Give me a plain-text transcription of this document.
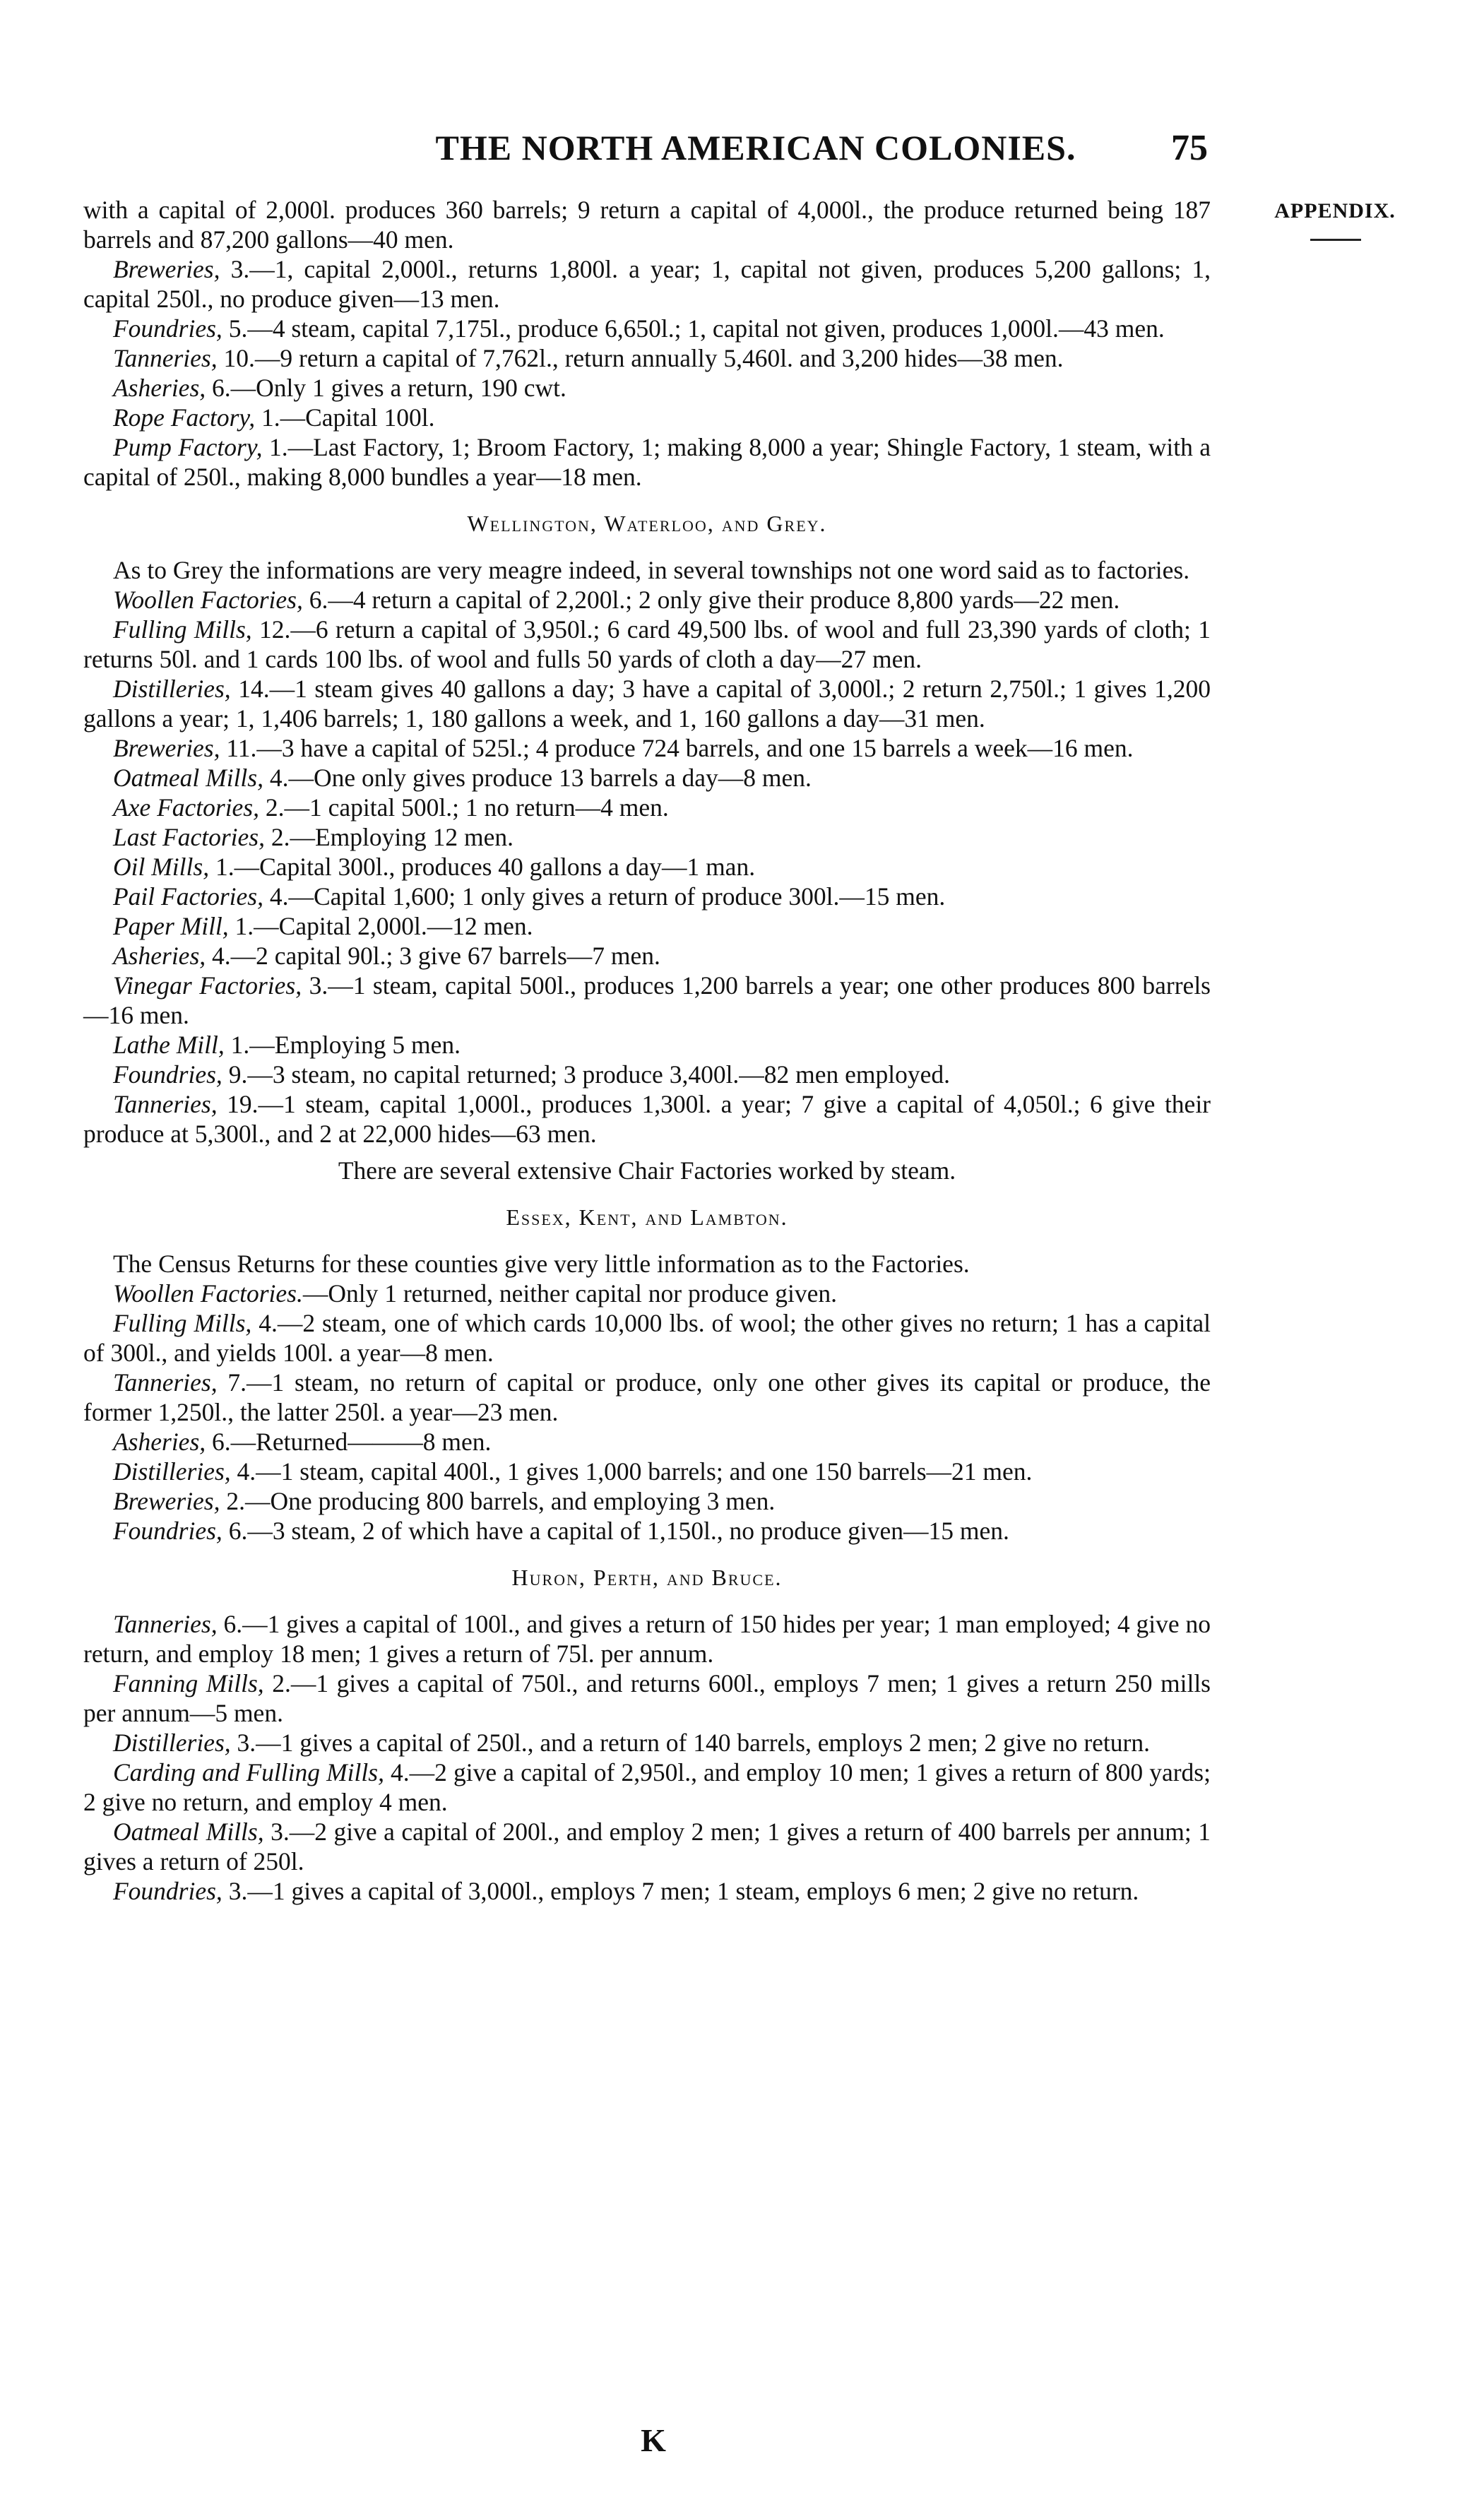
THE NORTH AMERICAN COLONIES.	75
APPENDIX.

with a capital of 2,000l. produces 360 barrels; 9 return a capital of 4,000l., the produce returned being 187 barrels and 87,200 gallons—40 men.

Breweries, 3.—1, capital 2,000l., returns 1,800l. a year; 1, capital not given, produces 5,200 gallons; 1, capital 250l., no produce given—13 men.

Foundries, 5.—4 steam, capital 7,175l., produce 6,650l.; 1, capital not given, produces 1,000l.—43 men.

Tanneries, 10.—9 return a capital of 7,762l., return annually 5,460l. and 3,200 hides—38 men.

Asheries, 6.—Only 1 gives a return, 190 cwt.

Rope Factory, 1.—Capital 100l.

Pump Factory, 1.—Last Factory, 1; Broom Factory, 1; making 8,000 a year; Shingle Factory, 1 steam, with a capital of 250l., making 8,000 bundles a year—18 men.

Wellington, Waterloo, and Grey.

As to Grey the informations are very meagre indeed, in several townships not one word said as to factories.

Woollen Factories, 6.—4 return a capital of 2,200l.; 2 only give their produce 8,800 yards—22 men.

Fulling Mills, 12.—6 return a capital of 3,950l.; 6 card 49,500 lbs. of wool and full 23,390 yards of cloth; 1 returns 50l. and 1 cards 100 lbs. of wool and fulls 50 yards of cloth a day—27 men.

Distilleries, 14.—1 steam gives 40 gallons a day; 3 have a capital of 3,000l.; 2 return 2,750l.; 1 gives 1,200 gallons a year; 1, 1,406 barrels; 1, 180 gallons a week, and 1, 160 gallons a day—31 men.

Breweries, 11.—3 have a capital of 525l.; 4 produce 724 barrels, and one 15 barrels a week—16 men.

Oatmeal Mills, 4.—One only gives produce 13 barrels a day—8 men.

Axe Factories, 2.—1 capital 500l.; 1 no return—4 men.

Last Factories, 2.—Employing 12 men.

Oil Mills, 1.—Capital 300l., produces 40 gallons a day—1 man.

Pail Factories, 4.—Capital 1,600; 1 only gives a return of produce 300l.—15 men.

Paper Mill, 1.—Capital 2,000l.—12 men.

Asheries, 4.—2 capital 90l.; 3 give 67 barrels—7 men.

Vinegar Factories, 3.—1 steam, capital 500l., produces 1,200 barrels a year; one other produces 800 barrels—16 men.

Lathe Mill, 1.—Employing 5 men.

Foundries, 9.—3 steam, no capital returned; 3 produce 3,400l.—82 men employed.

Tanneries, 19.—1 steam, capital 1,000l., produces 1,300l. a year; 7 give a capital of 4,050l.; 6 give their produce at 5,300l., and 2 at 22,000 hides—63 men.

There are several extensive Chair Factories worked by steam.

Essex, Kent, and Lambton.

The Census Returns for these counties give very little information as to the Factories.

Woollen Factories.—Only 1 returned, neither capital nor produce given.

Fulling Mills, 4.—2 steam, one of which cards 10,000 lbs. of wool; the other gives no return; 1 has a capital of 300l., and yields 100l. a year—8 men.

Tanneries, 7.—1 steam, no return of capital or produce, only one other gives its capital or produce, the former 1,250l., the latter 250l. a year—23 men.

Asheries, 6.—Returned———8 men.

Distilleries, 4.—1 steam, capital 400l., 1 gives 1,000 barrels; and one 150 barrels—21 men.

Breweries, 2.—One producing 800 barrels, and employing 3 men.

Foundries, 6.—3 steam, 2 of which have a capital of 1,150l., no produce given—15 men.

Huron, Perth, and Bruce.

Tanneries, 6.—1 gives a capital of 100l., and gives a return of 150 hides per year; 1 man employed; 4 give no return, and employ 18 men; 1 gives a return of 75l. per annum.

Fanning Mills, 2.—1 gives a capital of 750l., and returns 600l., employs 7 men; 1 gives a return 250 mills per annum—5 men.

Distilleries, 3.—1 gives a capital of 250l., and a return of 140 barrels, employs 2 men; 2 give no return.

Carding and Fulling Mills, 4.—2 give a capital of 2,950l., and employ 10 men; 1 gives a return of 800 yards; 2 give no return, and employ 4 men.

Oatmeal Mills, 3.—2 give a capital of 200l., and employ 2 men; 1 gives a return of 400 barrels per annum; 1 gives a return of 250l.

Foundries, 3.—1 gives a capital of 3,000l., employs 7 men; 1 steam, employs 6 men; 2 give no return.

K
